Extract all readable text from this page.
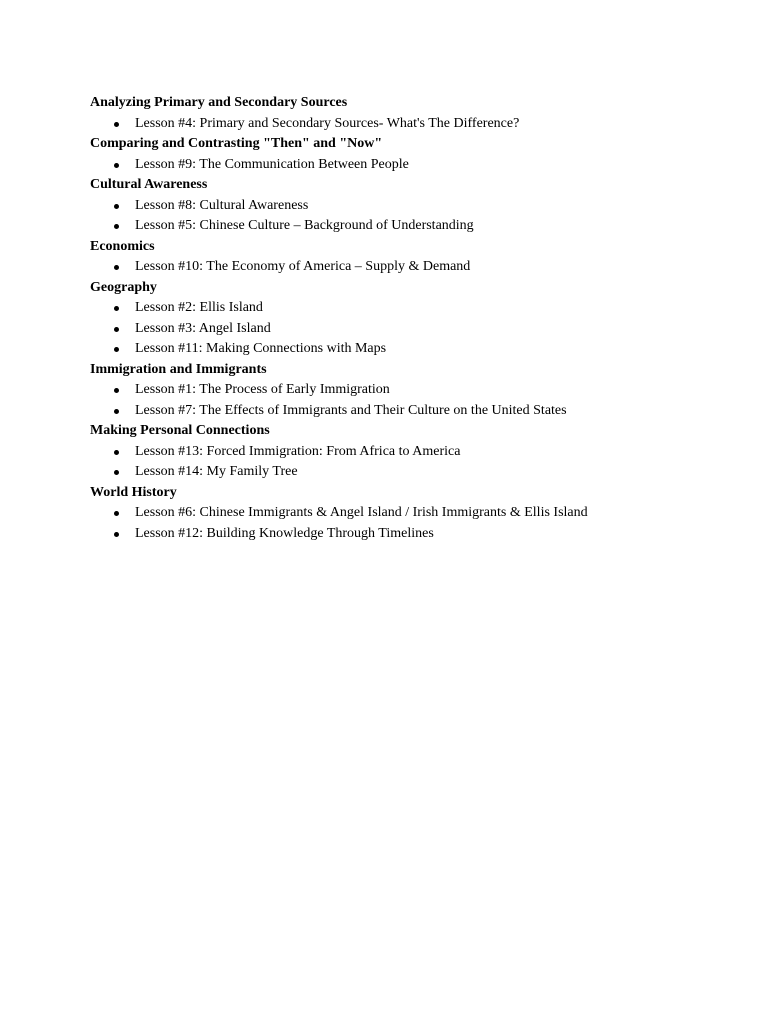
Analyzing Primary and Secondary Sources
Lesson #4: Primary and Secondary Sources- What's The Difference?
Comparing and Contrasting "Then" and "Now"
Lesson #9: The Communication Between People
Cultural Awareness
Lesson #8: Cultural Awareness
Lesson #5: Chinese Culture – Background of Understanding
Economics
Lesson #10: The Economy of America – Supply & Demand
Geography
Lesson #2: Ellis Island
Lesson #3: Angel Island
Lesson #11: Making Connections with Maps
Immigration and Immigrants
Lesson #1: The Process of Early Immigration
Lesson #7: The Effects of Immigrants and Their Culture on the United States
Making Personal Connections
Lesson #13: Forced Immigration: From Africa to America
Lesson #14: My Family Tree
World History
Lesson #6: Chinese Immigrants & Angel Island / Irish Immigrants & Ellis Island
Lesson #12: Building Knowledge Through Timelines
